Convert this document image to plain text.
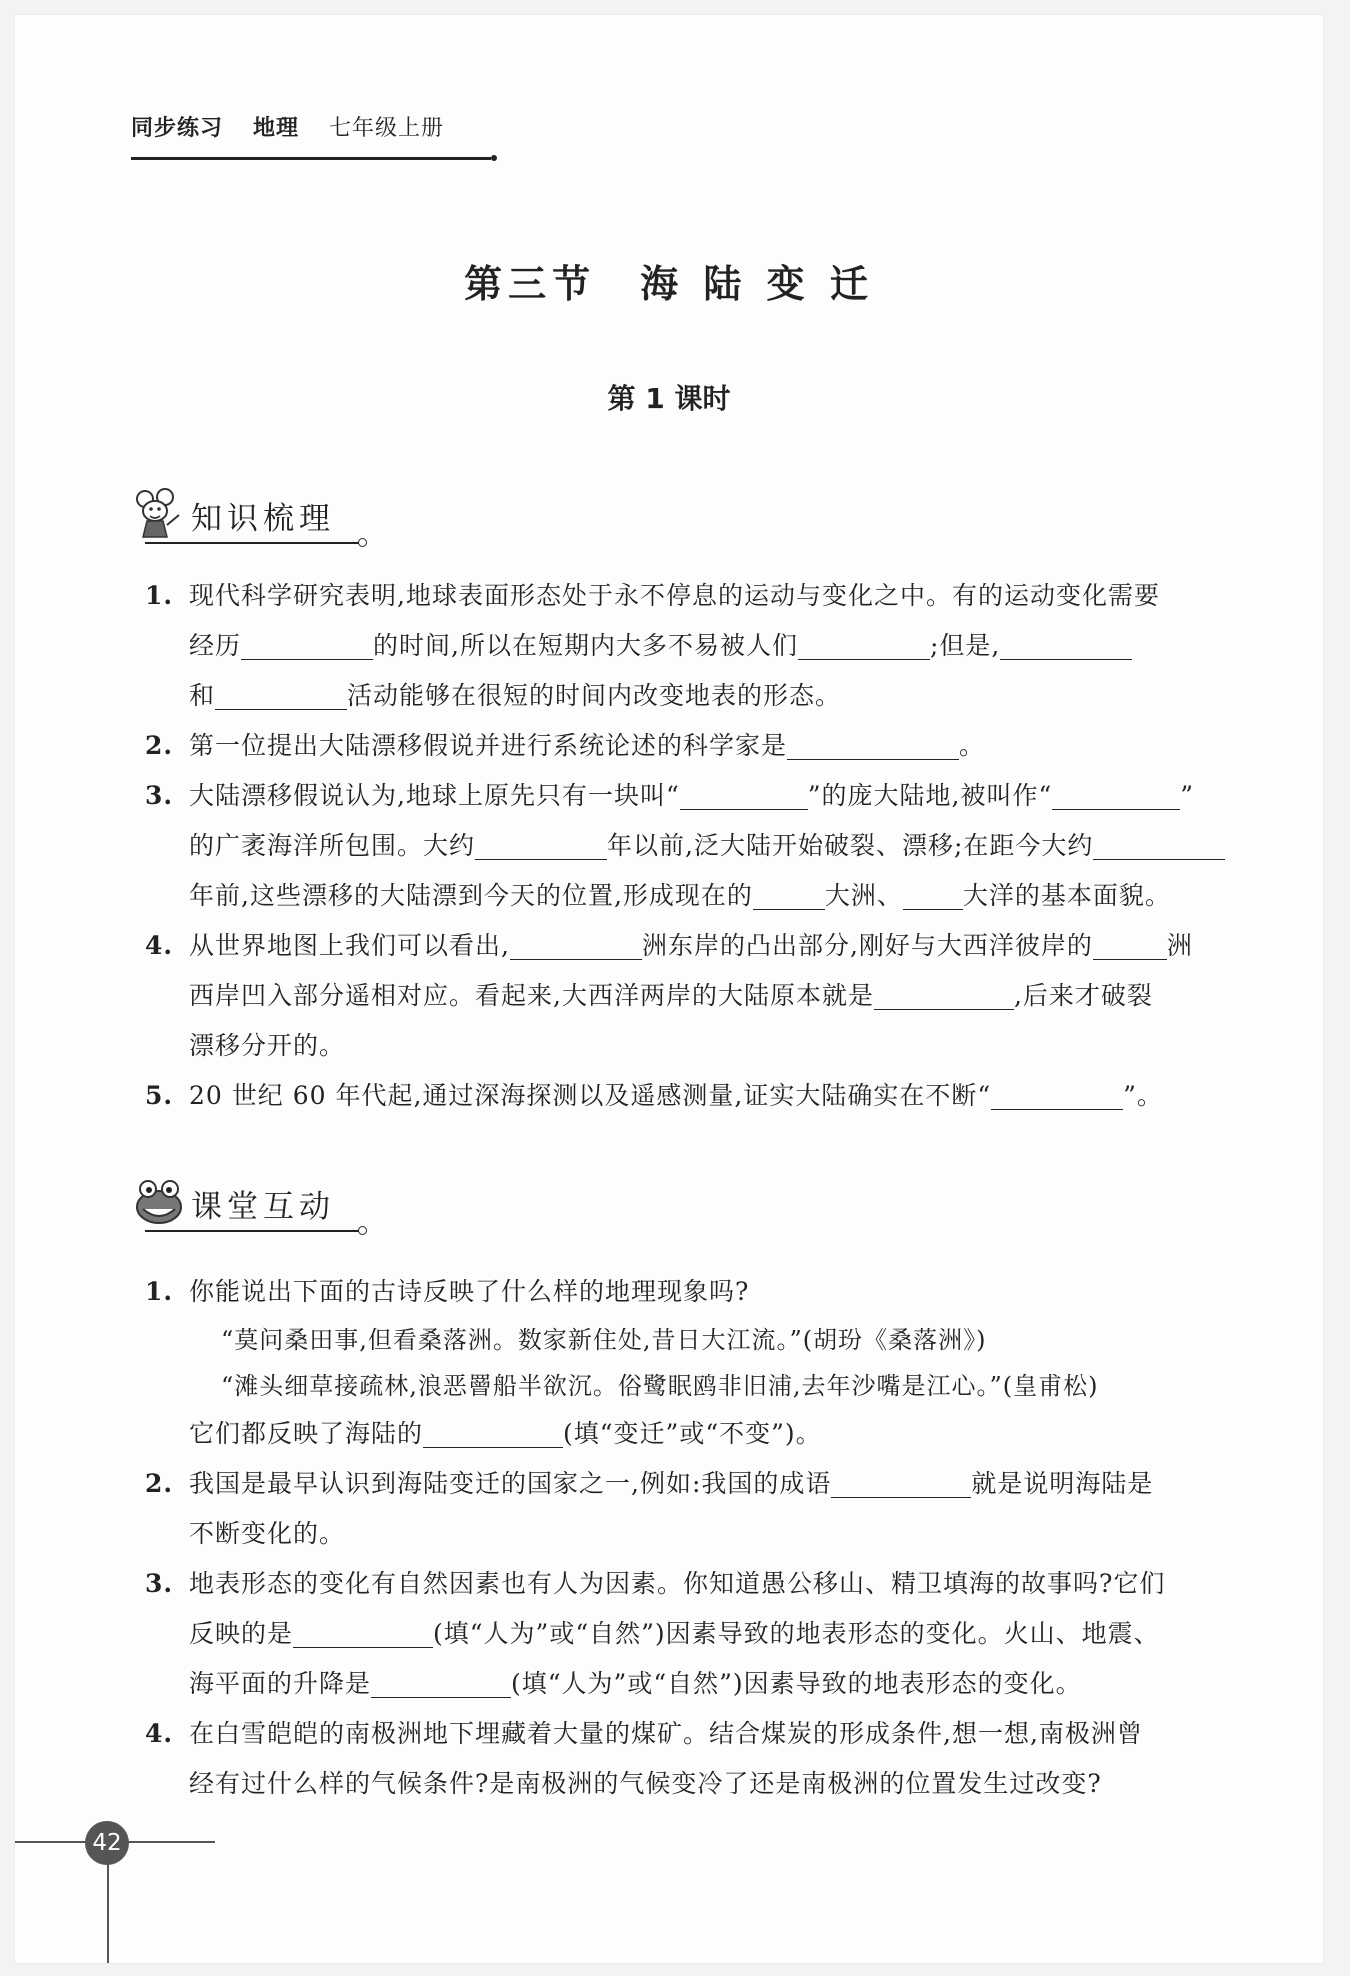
同步练习 地理 七年级上册
第三节　海 陆 变 迁
第 1 课时
知识梳理
1. 现代科学研究表明,地球表面形态处于永不停息的运动与变化之中。有的运动变化需要
经历	的时间,所以在短期内大多不易被人们	;但是,
和	活动能够在很短的时间内改变地表的形态。
2. 第一位提出大陆漂移假说并进行系统论述的科学家是	。
3. 大陆漂移假说认为,地球上原先只有一块叫“	”的庞大陆地,被叫作“	”
的广袤海洋所包围。大约	年以前,泛大陆开始破裂、漂移;在距今大约
年前,这些漂移的大陆漂到今天的位置,形成现在的	大洲、 大洋的基本面貌。
4. 从世界地图上我们可以看出,	洲东岸的凸出部分,刚好与大西洋彼岸的	洲
西岸凹入部分遥相对应。看起来,大西洋两岸的大陆原本就是	,后来才破裂
漂移分开的。
5. 20 世纪 60 年代起,通过深海探测以及遥感测量,证实大陆确实在不断“	”。
课堂互动
1. 你能说出下面的古诗反映了什么样的地理现象吗?
“莫问桑田事,但看桑落洲。数家新住处,昔日大江流。”(胡玢《桑落洲》)
“滩头细草接疏林,浪恶罾船半欲沉。俗鹭眠鸥非旧浦,去年沙嘴是江心。”(皇甫松)
它们都反映了海陆的	(填“变迁”或“不变”)。
2. 我国是最早认识到海陆变迁的国家之一,例如:我国的成语	就是说明海陆是
不断变化的。
3. 地表形态的变化有自然因素也有人为因素。你知道愚公移山、精卫填海的故事吗?它们
反映的是	(填“人为”或“自然”)因素导致的地表形态的变化。火山、地震、
海平面的升降是	(填“人为”或“自然”)因素导致的地表形态的变化。
4. 在白雪皑皑的南极洲地下埋藏着大量的煤矿。结合煤炭的形成条件,想一想,南极洲曾
经有过什么样的气候条件?是南极洲的气候变冷了还是南极洲的位置发生过改变?
42
